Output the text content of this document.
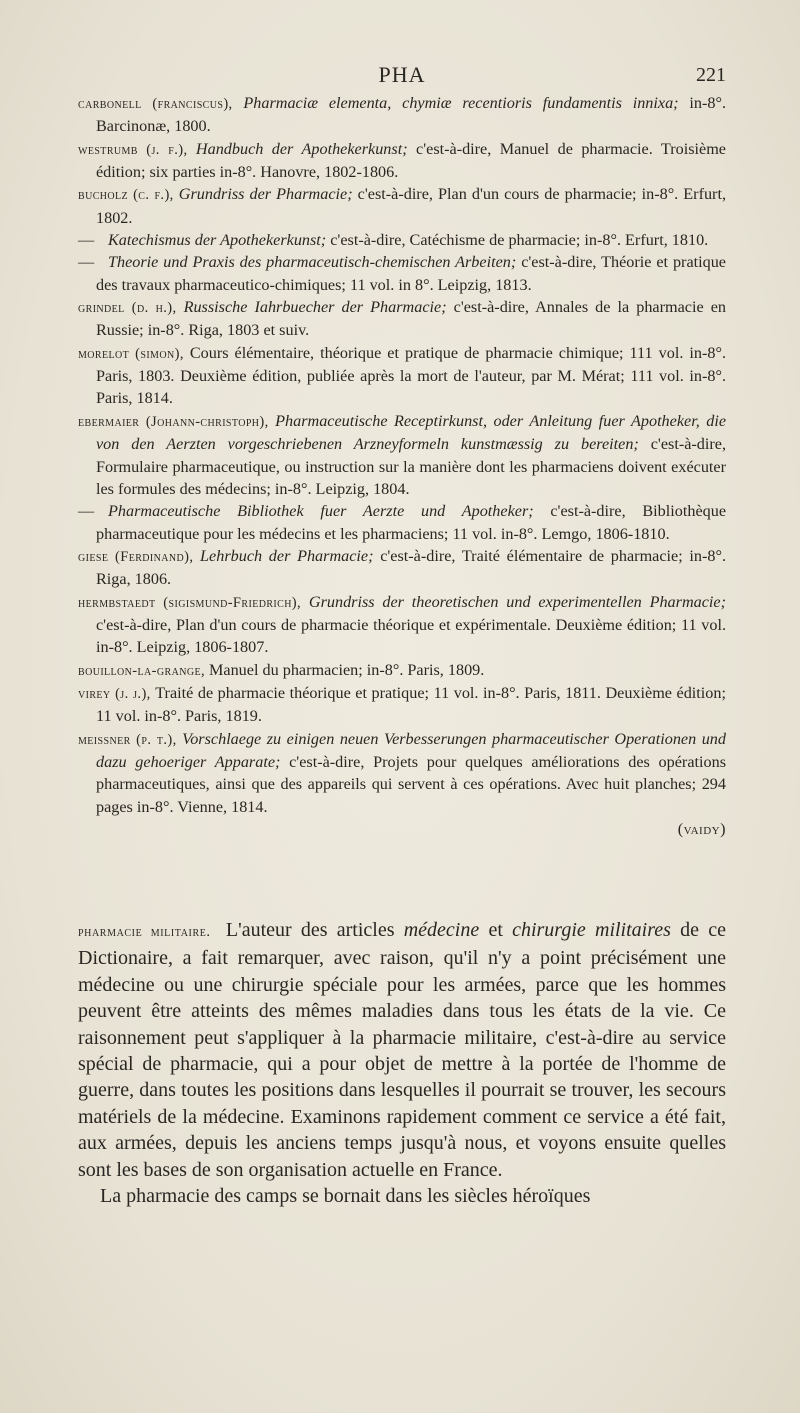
PHA	221
carbonell (franciscus), Pharmaciæ elementa, chymiæ recentioris fundamentis innixa; in-8°. Barcinonæ, 1800.
westrumb (j. f.), Handbuch der Apothekerkunst; c'est-à-dire, Manuel de pharmacie. Troisième édition; six parties in-8°. Hanovre, 1802-1806.
bucholz (c. f.), Grundriss der Pharmacie; c'est-à-dire, Plan d'un cours de pharmacie; in-8°. Erfurt, 1802.
— Katechismus der Apothekerkunst; c'est-à-dire, Catéchisme de pharmacie; in-8°. Erfurt, 1810.
— Theorie und Praxis des pharmaceutisch-chemischen Arbeiten; c'est-à-dire, Théorie et pratique des travaux pharmaceutico-chimiques; 11 vol. in 8°. Leipzig, 1813.
grindel (d. h.), Russische Iahrbuecher der Pharmacie; c'est-à-dire, Annales de la pharmacie en Russie; in-8°. Riga, 1803 et suiv.
morelot (simon), Cours élémentaire, théorique et pratique de pharmacie chimique; 111 vol. in-8°. Paris, 1803. Deuxième édition, publiée après la mort de l'auteur, par M. Mérat; 111 vol. in-8°. Paris, 1814.
ebermaier (Johann-christoph), Pharmaceutische Receptirkunst, oder Anleitung fuer Apotheker, die von den Aerzten vorgeschriebenen Arzneyformeln kunstmæssig zu bereiten; c'est-à-dire, Formulaire pharmaceutique, ou instruction sur la manière dont les pharmaciens doivent exécuter les formules des médecins; in-8°. Leipzig, 1804.
— Pharmaceutische Bibliothek fuer Aerzte und Apotheker; c'est-à-dire, Bibliothèque pharmaceutique pour les médecins et les pharmaciens; 11 vol. in-8°. Lemgo, 1806-1810.
giese (Ferdinand), Lehrbuch der Pharmacie; c'est-à-dire, Traité élémentaire de pharmacie; in-8°. Riga, 1806.
hermbstaedt (sigismund-Friedrich), Grundriss der theoretischen und experimentellen Pharmacie; c'est-à-dire, Plan d'un cours de pharmacie théorique et expérimentale. Deuxième édition; 11 vol. in-8°. Leipzig, 1806-1807.
bouillon-la-grange, Manuel du pharmacien; in-8°. Paris, 1809.
virey (j. j.), Traité de pharmacie théorique et pratique; 11 vol. in-8°. Paris, 1811. Deuxième édition; 11 vol. in-8°. Paris, 1819.
meissner (p. t.), Vorschlaege zu einigen neuen Verbesserungen pharmaceutischer Operationen und dazu gehoeriger Apparate; c'est-à-dire, Projets pour quelques améliorations des opérations pharmaceutiques, ainsi que des appareils qui servent à ces opérations. Avec huit planches; 294 pages in-8°. Vienne, 1814.
(vaidy)

pharmacie militaire. L'auteur des articles médecine et chirurgie militaires de ce Dictionaire, a fait remarquer, avec raison, qu'il n'y a point précisément une médecine ou une chirurgie spéciale pour les armées, parce que les hommes peuvent être atteints des mêmes maladies dans tous les états de la vie. Ce raisonnement peut s'appliquer à la pharmacie militaire, c'est-à-dire au service spécial de pharmacie, qui a pour objet de mettre à la portée de l'homme de guerre, dans toutes les positions dans lesquelles il pourrait se trouver, les secours matériels de la médecine. Examinons rapidement comment ce service a été fait, aux armées, depuis les anciens temps jusqu'à nous, et voyons ensuite quelles sont les bases de son organisation actuelle en France.

La pharmacie des camps se bornait dans les siècles héroïques
